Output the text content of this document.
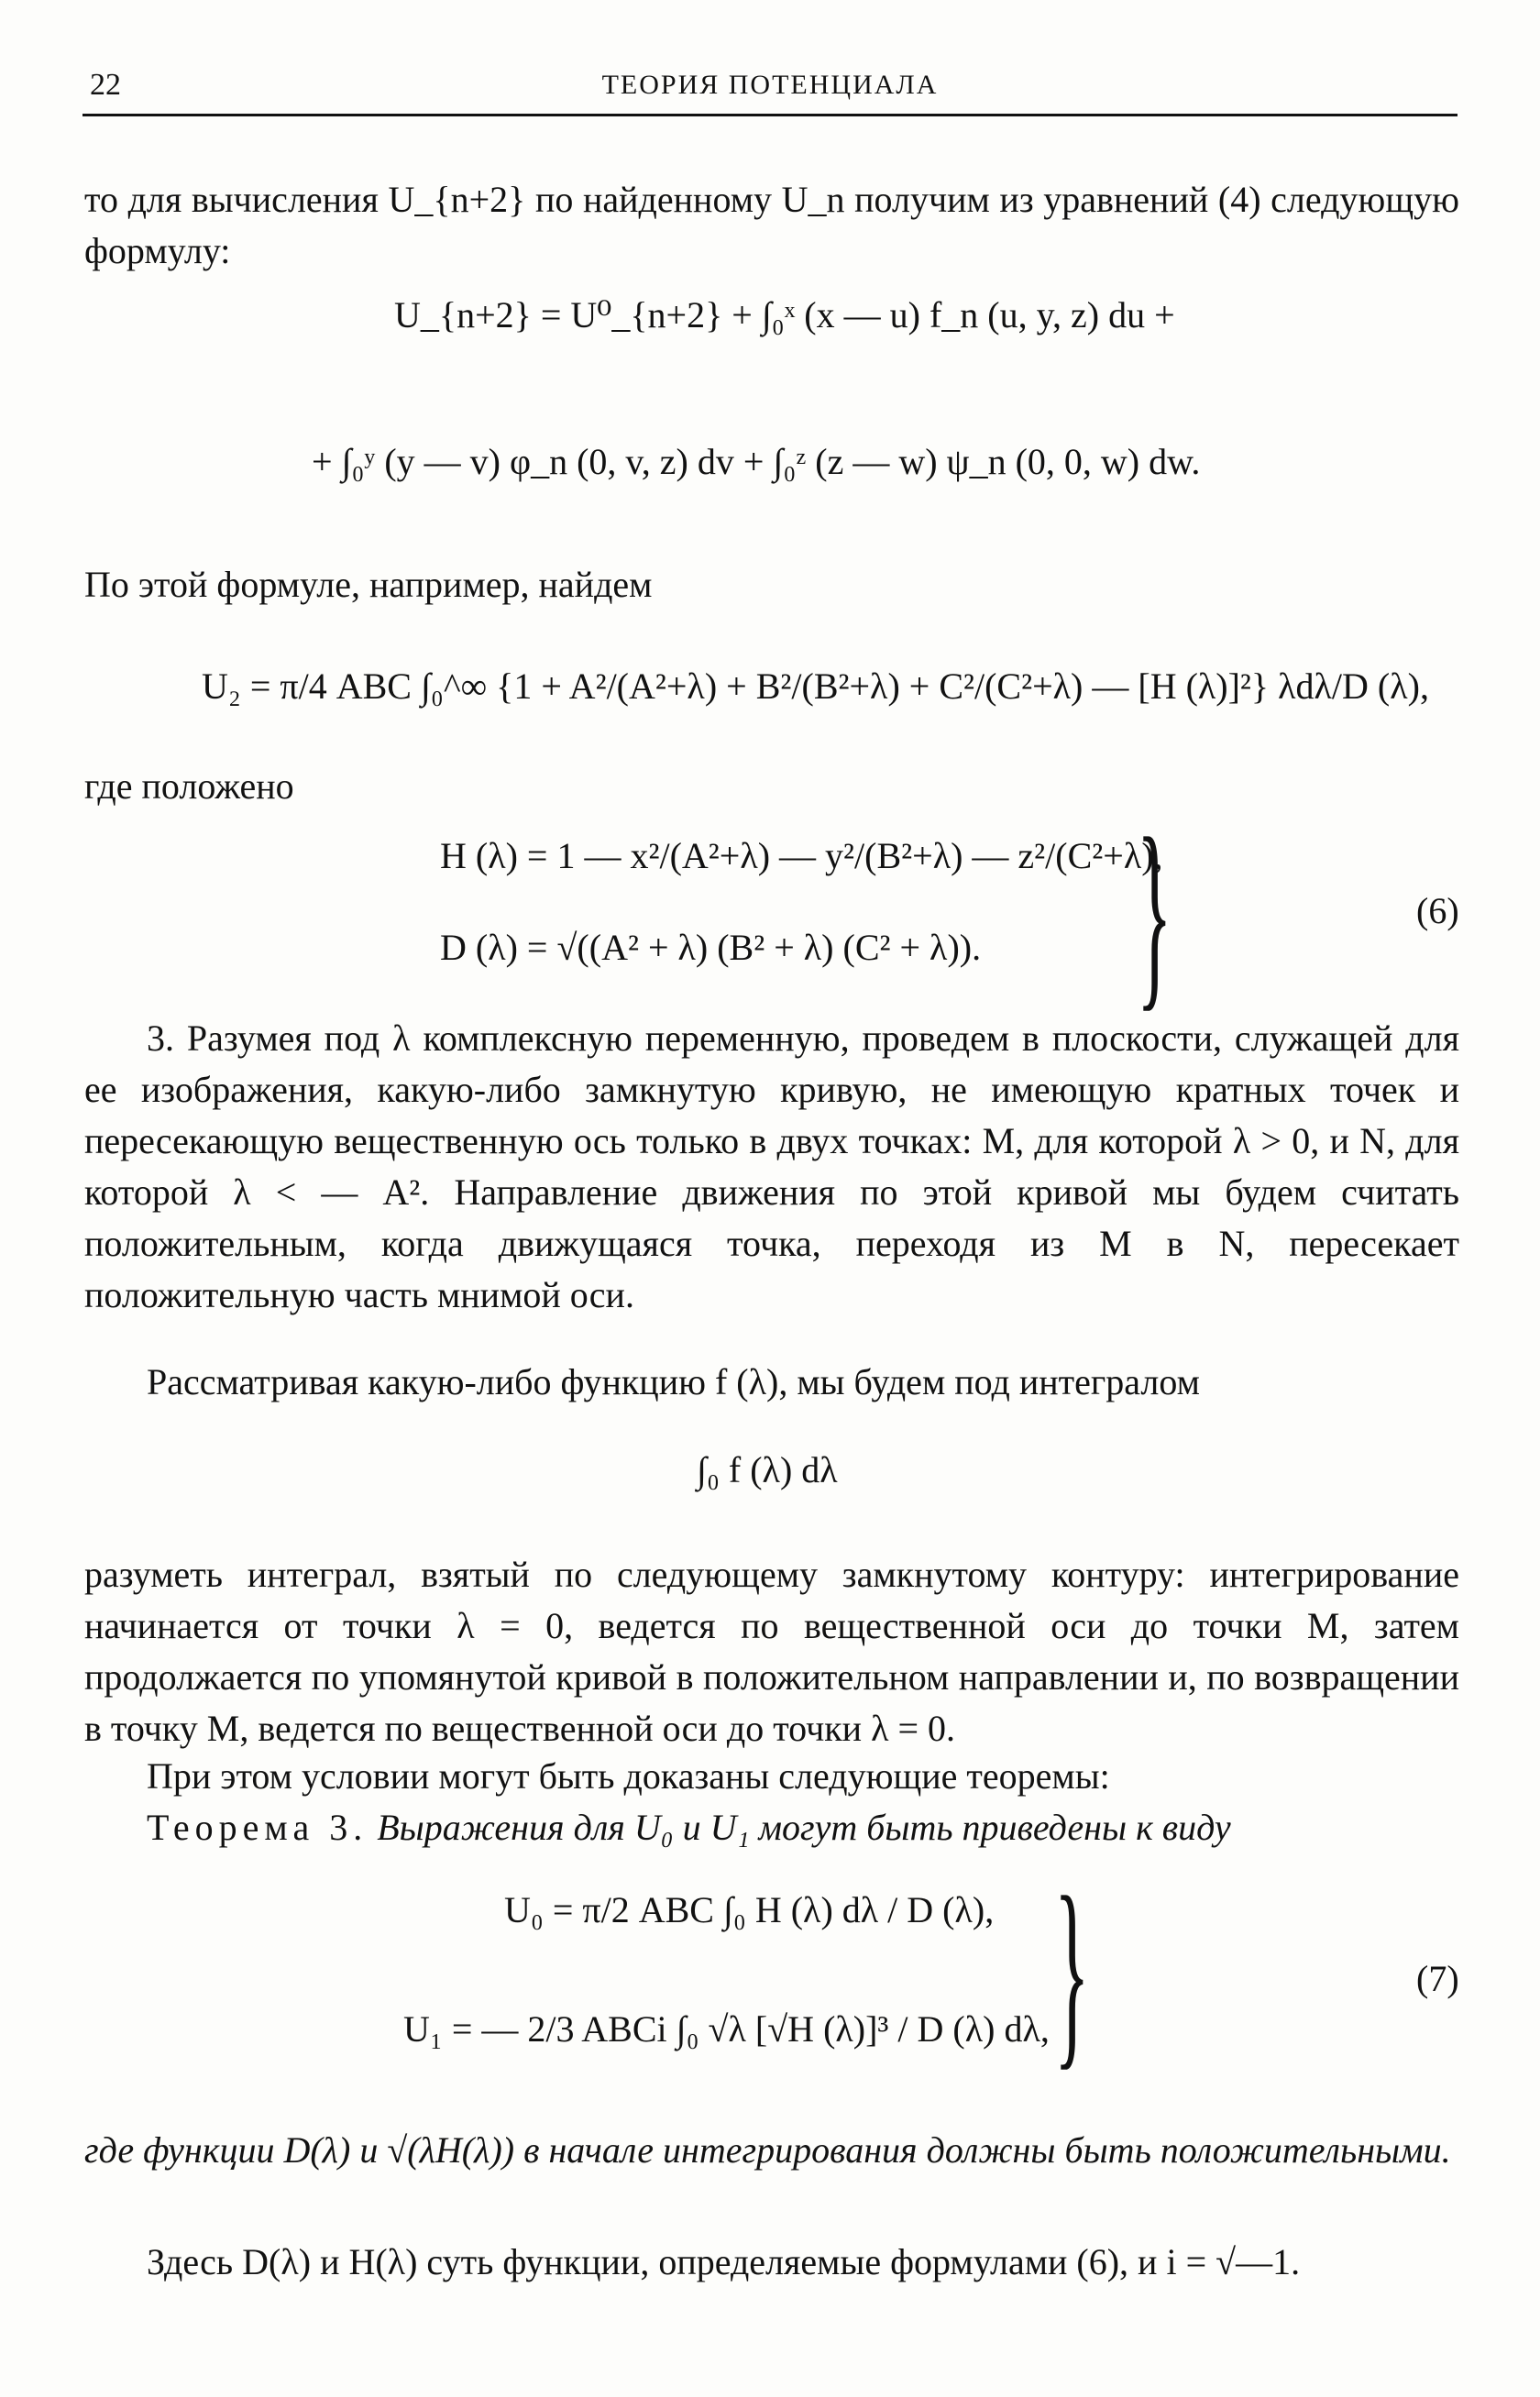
22	ТЕОРИЯ ПОТЕНЦИАЛА
то для вычисления U_{n+2} по найденному U_n получим из уравнений (4) следующую формулу:
U_{n+2} = U⁰_{n+2} + ∫₀ˣ (x — u) f_n (u, y, z) du +
+ ∫₀ʸ (y — v) φ_n (0, v, z) dv + ∫₀ᶻ (z — w) ψ_n (0, 0, w) dw.
По этой формуле, например, найдем
U₂ = π/4 ABC ∫₀^∞ {1 + A²/(A²+λ) + B²/(B²+λ) + C²/(C²+λ) — [H (λ)]²} λdλ/D (λ),
где положено
H (λ) = 1 — x²/(A²+λ) — y²/(B²+λ) — z²/(C²+λ),
D (λ) = √((A² + λ) (B² + λ) (C² + λ)). }	(6)
3. Разумея под λ комплексную переменную, проведем в плоскости, служащей для ее изображения, какую-либо замкнутую кривую, не имеющую кратных точек и пересекающую вещественную ось только в двух точках: M, для которой λ > 0, и N, для которой λ < — A². Направление движения по этой кривой мы будем считать положительным, когда движущаяся точка, переходя из M в N, пересекает положительную часть мнимой оси.
Рассматривая какую-либо функцию f (λ), мы будем под интегралом
∫₀ f (λ) dλ
разуметь интеграл, взятый по следующему замкнутому контуру: интегрирование начинается от точки λ = 0, ведется по вещественной оси до точки M, затем продолжается по упомянутой кривой в положительном направлении и, по возвращении в точку M, ведется по вещественной оси до точки λ = 0.
При этом условии могут быть доказаны следующие теоремы:
Теорема 3. Выражения для U₀ и U₁ могут быть приведены к виду
U₀ = π/2 ABC ∫₀ H (λ) dλ / D (λ),
U₁ = — 2/3 ABCi ∫₀ √λ [√H (λ)]³ / D (λ) dλ, }	(7)
где функции D(λ) и √(λH(λ)) в начале интегрирования должны быть положительными.
Здесь D(λ) и H(λ) суть функции, определяемые формулами (6), и i = √—1.
